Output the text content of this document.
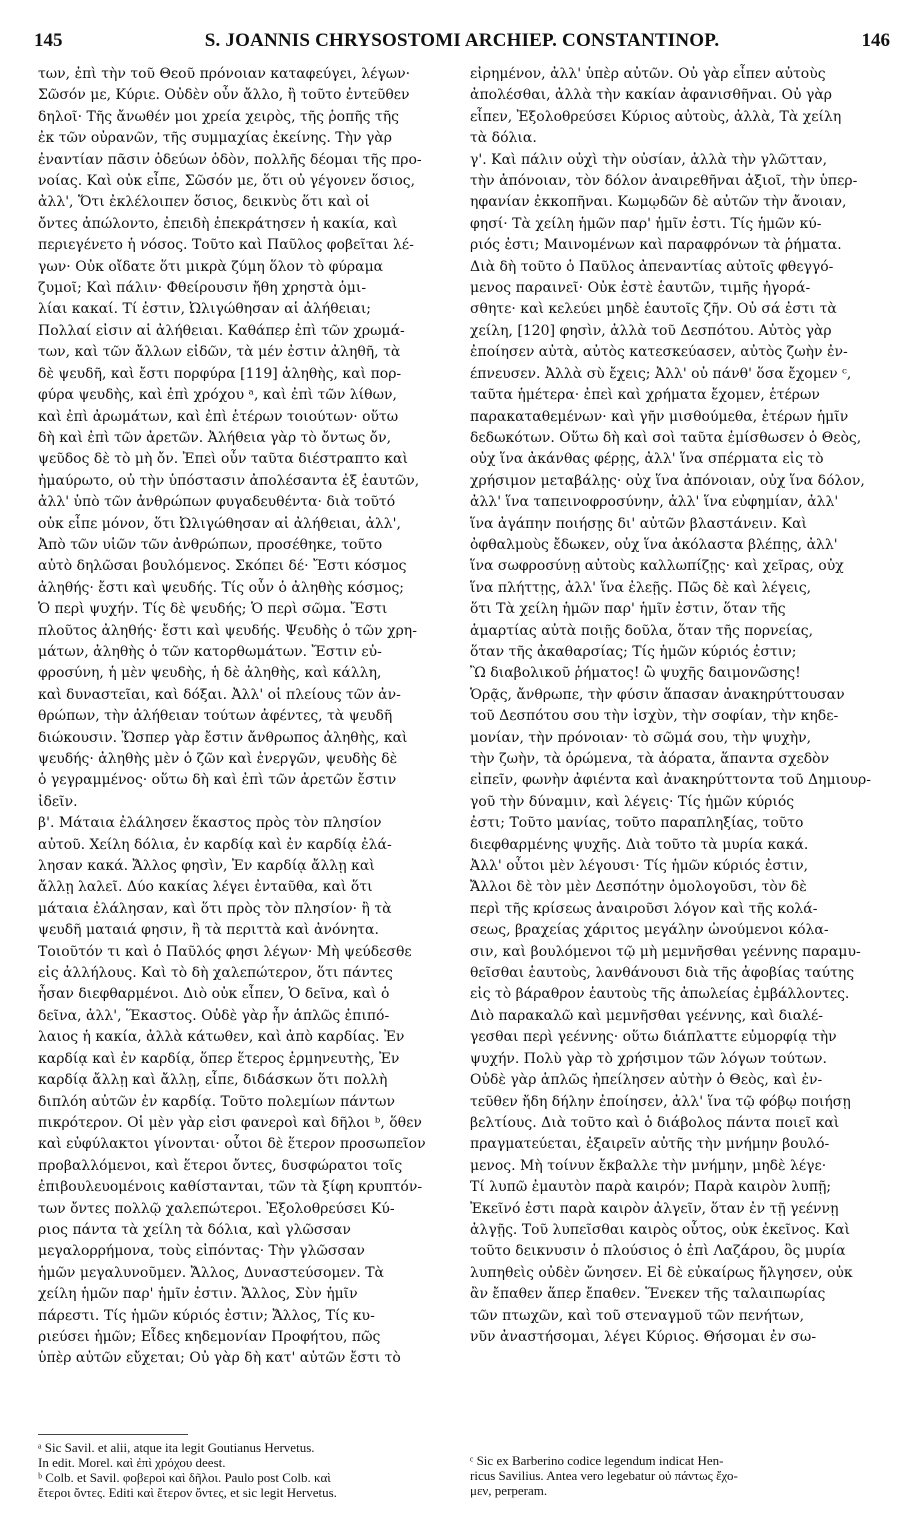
145	S. JOANNIS CHRYSOSTOMI ARCHIEP. CONSTANTINOP.	146
των, ἐπὶ τὴν τοῦ Θεοῦ πρόνοιαν καταφεύγει, λέγων·
Σῶσόν με, Κύριε. Οὐδὲν οὖν ἄλλο, ἢ τοῦτο ἐντεῦθεν
δηλοῖ· Τῆς ἄνωθέν μοι χρεία χειρὸς, τῆς ῥοπῆς τῆς
ἐκ τῶν οὐρανῶν, τῆς συμμαχίας ἐκείνης. Τὴν γὰρ
ἐναντίαν πᾶσιν ὁδεύων ὁδὸν, πολλῆς δέομαι τῆς προ-
νοίας. Καὶ οὐκ εἶπε, Σῶσόν με, ὅτι οὐ γέγονεν ὅσιος,
ἀλλ', Ὅτι ἐκλέλοιπεν ὅσιος, δεικνὺς ὅτι καὶ οἱ
ὄντες ἀπώλοντο, ἐπειδὴ ἐπεκράτησεν ἡ κακία, καὶ
περιεγένετο ἡ νόσος. Τοῦτο καὶ Παῦλος φοβεῖται λέ-
γων· Οὐκ οἴδατε ὅτι μικρὰ ζύμη ὅλον τὸ φύραμα
ζυμοῖ; Καὶ πάλιν· Φθείρουσιν ἤθη χρηστὰ ὁμι-
λίαι κακαί. Τί ἐστιν, Ὠλιγώθησαν αἱ ἀλήθειαι;
Πολλαί εἰσιν αἱ ἀλήθειαι. Καθάπερ ἐπὶ τῶν χρωμά-
των, καὶ τῶν ἄλλων εἰδῶν, τὰ μέν ἐστιν ἀληθῆ, τὰ
δὲ ψευδῆ, καὶ ἔστι πορφύρα [119] ἀληθὴς, καὶ πορ-
φύρα ψευδὴς, καὶ ἐπὶ χρόχου ᵃ, καὶ ἐπὶ τῶν λίθων,
καὶ ἐπὶ ἀρωμάτων, καὶ ἐπὶ ἑτέρων τοιούτων· οὕτω
δὴ καὶ ἐπὶ τῶν ἀρετῶν. Ἀλήθεια γὰρ τὸ ὄντως ὄν,
ψεῦδος δὲ τὸ μὴ ὄν. Ἐπεὶ οὖν ταῦτα διέστραπτο καὶ
ἠμαύρωτο, οὐ τὴν ὑπόστασιν ἀπολέσαντα ἐξ ἑαυτῶν,
ἀλλ' ὑπὸ τῶν ἀνθρώπων φυγαδευθέντα· διὰ τοῦτό
οὐκ εἶπε μόνον, ὅτι Ὠλιγώθησαν αἱ ἀλήθειαι, ἀλλ',
Ἀπὸ τῶν υἱῶν τῶν ἀνθρώπων, προσέθηκε, τοῦτο
αὐτὸ δηλῶσαι βουλόμενος. Σκόπει δέ· Ἔστι κόσμος
ἀληθής· ἔστι καὶ ψευδής. Τίς οὖν ὁ ἀληθὴς κόσμος;
Ὁ περὶ ψυχήν. Τίς δὲ ψευδής; Ὁ περὶ σῶμα. Ἔστι
πλοῦτος ἀληθής· ἔστι καὶ ψευδής. Ψευδὴς ὁ τῶν χρη-
μάτων, ἀληθὴς ὁ τῶν κατορθωμάτων. Ἔστιν εὐ-
φροσύνη, ἡ μὲν ψευδὴς, ἡ δὲ ἀληθὴς, καὶ κάλλη,
καὶ δυναστεῖαι, καὶ δόξαι. Ἀλλ' οἱ πλείους τῶν ἀν-
θρώπων, τὴν ἀλήθειαν τούτων ἀφέντες, τὰ ψευδῆ
διώκουσιν. Ὥσπερ γὰρ ἔστιν ἄνθρωπος ἀληθὴς, καὶ
ψευδής· ἀληθὴς μὲν ὁ ζῶν καὶ ἐνεργῶν, ψευδὴς δὲ
ὁ γεγραμμένος· οὕτω δὴ καὶ ἐπὶ τῶν ἀρετῶν ἔστιν
ἰδεῖν.
β'. Μάταια ἐλάλησεν ἕκαστος πρὸς τὸν πλησίον
αὐτοῦ. Χείλη δόλια, ἐν καρδίᾳ καὶ ἐν καρδίᾳ ἐλά-
λησαν κακά. Ἄλλος φησὶν, Ἐν καρδίᾳ ἄλλῃ καὶ
ἄλλῃ λαλεῖ. Δύο κακίας λέγει ἐνταῦθα, καὶ ὅτι
μάταια ἐλάλησαν, καὶ ὅτι πρὸς τὸν πλησίον· ἢ τὰ
ψευδῆ ματαιά φησιν, ἢ τὰ περιττὰ καὶ ἀνόνητα.
Τοιοῦτόν τι καὶ ὁ Παῦλός φησι λέγων· Μὴ ψεύδεσθε
εἰς ἀλλήλους. Καὶ τὸ δὴ χαλεπώτερον, ὅτι πάντες
ἦσαν διεφθαρμένοι. Διὸ οὐκ εἶπεν, Ὁ δεῖνα, καὶ ὁ
δεῖνα, ἀλλ', Ἕκαστος. Οὐδὲ γὰρ ἦν ἁπλῶς ἐπιπό-
λαιος ἡ κακία, ἀλλὰ κάτωθεν, καὶ ἀπὸ καρδίας. Ἐν
καρδίᾳ καὶ ἐν καρδίᾳ, ὅπερ ἕτερος ἑρμηνευτὴς, Ἐν
καρδίᾳ ἄλλῃ καὶ ἄλλῃ, εἶπε, διδάσκων ὅτι πολλὴ
διπλόη αὐτῶν ἐν καρδίᾳ. Τοῦτο πολεμίων πάντων
πικρότερον. Οἱ μὲν γὰρ εἰσι φανεροὶ καὶ δῆλοι ᵇ, ὅθεν
καὶ εὐφύλακτοι γίνονται· οὗτοι δὲ ἕτερον προσωπεῖον
προβαλλόμενοι, καὶ ἕτεροι ὄντες, δυσφώρατοι τοῖς
ἐπιβουλευομένοις καθίστανται, τῶν τὰ ξίφη κρυπτόν-
των ὄντες πολλῷ χαλεπώτεροι. Ἐξολοθρεύσει Κύ-
ριος πάντα τὰ χείλη τὰ δόλια, καὶ γλῶσσαν
μεγαλορρήμονα, τοὺς εἰπόντας· Τὴν γλῶσσαν
ἡμῶν μεγαλυνοῦμεν. Ἄλλος, Δυναστεύσομεν. Τὰ
χείλη ἡμῶν παρ' ἡμῖν ἐστιν. Ἄλλος, Σὺν ἡμῖν
πάρεστι. Τίς ἡμῶν κύριός ἐστιν; Ἄλλος, Τίς κυ-
ριεύσει ἡμῶν; Εἶδες κηδεμονίαν Προφήτου, πῶς
ὑπὲρ αὐτῶν εὔχεται; Οὐ γὰρ δὴ κατ' αὐτῶν ἔστι τὸ
εἰρημένον, ἀλλ' ὑπὲρ αὐτῶν. Οὐ γὰρ εἶπεν αὐτοὺς
ἀπολέσθαι, ἀλλὰ τὴν κακίαν ἀφανισθῆναι. Οὐ γὰρ
εἶπεν, Ἐξολοθρεύσει Κύριος αὐτοὺς, ἀλλὰ, Τὰ χείλη
τὰ δόλια.
γ'. Καὶ πάλιν οὐχὶ τὴν οὐσίαν, ἀλλὰ τὴν γλῶτταν,
τὴν ἀπόνοιαν, τὸν δόλον ἀναιρεθῆναι ἀξιοῖ, τὴν ὑπερ-
ηφανίαν ἐκκοπῆναι. Κωμῳδῶν δὲ αὐτῶν τὴν ἄνοιαν,
φησί· Τὰ χείλη ἡμῶν παρ' ἡμῖν ἐστι. Τίς ἡμῶν κύ-
ριός ἐστι; Μαινομένων καὶ παραφρόνων τὰ ῥήματα.
Διὰ δὴ τοῦτο ὁ Παῦλος ἀπεναντίας αὐτοῖς φθεγγό-
μενος παραινεῖ· Οὐκ ἐστὲ ἑαυτῶν, τιμῆς ἠγορά-
σθητε· καὶ κελεύει μηδὲ ἑαυτοῖς ζῆν. Οὐ σά ἐστι τὰ
χείλη, [120] φησὶν, ἀλλὰ τοῦ Δεσπότου. Αὐτὸς γὰρ
ἐποίησεν αὐτὰ, αὐτὸς κατεσκεύασεν, αὐτὸς ζωὴν ἐν-
έπνευσεν. Ἀλλὰ σὺ ἔχεις; Ἀλλ' οὐ πάνθ' ὅσα ἔχομεν ᶜ,
ταῦτα ἡμέτερα· ἐπεὶ καὶ χρήματα ἔχομεν, ἑτέρων
παρακαταθεμένων· καὶ γῆν μισθούμεθα, ἑτέρων ἡμῖν
δεδωκότων. Οὕτω δὴ καὶ σοὶ ταῦτα ἐμίσθωσεν ὁ Θεὸς,
οὐχ ἵνα ἀκάνθας φέρῃς, ἀλλ' ἵνα σπέρματα εἰς τὸ
χρήσιμον μεταβάλῃς· οὐχ ἵνα ἀπόνοιαν, οὐχ ἵνα δόλον,
ἀλλ' ἵνα ταπεινοφροσύνην, ἀλλ' ἵνα εὐφημίαν, ἀλλ'
ἵνα ἀγάπην ποιήσῃς δι' αὐτῶν βλαστάνειν. Καὶ
ὀφθαλμοὺς ἔδωκεν, οὐχ ἵνα ἀκόλαστα βλέπῃς, ἀλλ'
ἵνα σωφροσύνῃ αὐτοὺς καλλωπίζῃς· καὶ χεῖρας, οὐχ
ἵνα πλήττῃς, ἀλλ' ἵνα ἐλεῇς. Πῶς δὲ καὶ λέγεις,
ὅτι Τὰ χείλη ἡμῶν παρ' ἡμῖν ἐστιν, ὅταν τῆς
ἁμαρτίας αὐτὰ ποιῇς δοῦλα, ὅταν τῆς πορνείας,
ὅταν τῆς ἀκαθαρσίας; Τίς ἡμῶν κύριός ἐστιν;
Ὢ διαβολικοῦ ῥήματος! ὢ ψυχῆς δαιμονῶσης!
Ὁρᾷς, ἄνθρωπε, τὴν φύσιν ἅπασαν ἀνακηρύττουσαν
τοῦ Δεσπότου σου τὴν ἰσχὺν, τὴν σοφίαν, τὴν κηδε-
μονίαν, τὴν πρόνοιαν· τὸ σῶμά σου, τὴν ψυχὴν,
τὴν ζωὴν, τὰ ὁρώμενα, τὰ ἀόρατα, ἅπαντα σχεδὸν
εἰπεῖν, φωνὴν ἀφιέντα καὶ ἀνακηρύττοντα τοῦ Δημιουρ-
γοῦ τὴν δύναμιν, καὶ λέγεις· Τίς ἡμῶν κύριός
ἐστι; Τοῦτο μανίας, τοῦτο παραπληξίας, τοῦτο
διεφθαρμένης ψυχῆς. Διὰ τοῦτο τὰ μυρία κακά.
Ἀλλ' οὗτοι μὲν λέγουσι· Τίς ἡμῶν κύριός ἐστιν,
Ἄλλοι δὲ τὸν μὲν Δεσπότην ὁμολογοῦσι, τὸν δὲ
περὶ τῆς κρίσεως ἀναιροῦσι λόγον καὶ τῆς κολά-
σεως, βραχείας χάριτος μεγάλην ὠνούμενοι κόλα-
σιν, καὶ βουλόμενοι τῷ μὴ μεμνῆσθαι γεέννης παραμυ-
θεῖσθαι ἑαυτοὺς, λανθάνουσι διὰ τῆς ἀφοβίας ταύτης
εἰς τὸ βάραθρον ἑαυτοὺς τῆς ἀπωλείας ἐμβάλλοντες.
Διὸ παρακαλῶ καὶ μεμνῆσθαι γεέννης, καὶ διαλέ-
γεσθαι περὶ γεέννης· οὕτω διάπλαττε εὐμορφίᾳ τὴν
ψυχήν. Πολὺ γὰρ τὸ χρήσιμον τῶν λόγων τούτων.
Οὐδὲ γὰρ ἁπλῶς ἠπείλησεν αὐτὴν ὁ Θεὸς, καὶ ἐν-
τεῦθεν ἤδη δήλην ἐποίησεν, ἀλλ' ἵνα τῷ φόβῳ ποιήσῃ
βελτίους. Διὰ τοῦτο καὶ ὁ διάβολος πάντα ποιεῖ καὶ
πραγματεύεται, ἐξαιρεῖν αὐτῆς τὴν μνήμην βουλό-
μενος. Μὴ τοίνυν ἔκβαλλε τὴν μνήμην, μηδὲ λέγε·
Τί λυπῶ ἐμαυτὸν παρὰ καιρόν; Παρὰ καιρὸν λυπῇ;
Ἐκεῖνό ἐστι παρὰ καιρὸν ἀλγεῖν, ὅταν ἐν τῇ γεέννῃ
ἀλγῇς. Τοῦ λυπεῖσθαι καιρὸς οὗτος, οὐκ ἐκεῖνος. Καὶ
τοῦτο δεικνυσιν ὁ πλούσιος ὁ ἐπὶ Λαζάρου, ὃς μυρία
λυπηθεὶς οὐδὲν ὤνησεν. Εἰ δὲ εὐκαίρως ἤλγησεν, οὐκ
ἂν ἔπαθεν ἅπερ ἔπαθεν. Ἕνεκεν τῆς ταλαιπωρίας
τῶν πτωχῶν, καὶ τοῦ στεναγμοῦ τῶν πενήτων,
νῦν ἀναστήσομαι, λέγει Κύριος. Θήσομαι ἐν σω-
ᵃ Sic Savil. et alii, atque ita legit Goutianus Hervetus.
In edit. Morel. καὶ ἐπὶ χρόχου deest.
ᵇ Colb. et Savil. φοβεροὶ καὶ δῆλοι. Paulo post Colb. καὶ
ἕτεροι ὄντες. Editi καὶ ἕτερον ὄντες, et sic legit Hervetus.
ᶜ Sic ex Barberino codice legendum indicat Hen-
ricus Savilius. Antea vero legebatur οὐ πάντως ἔχο-
μεν, perperam.
